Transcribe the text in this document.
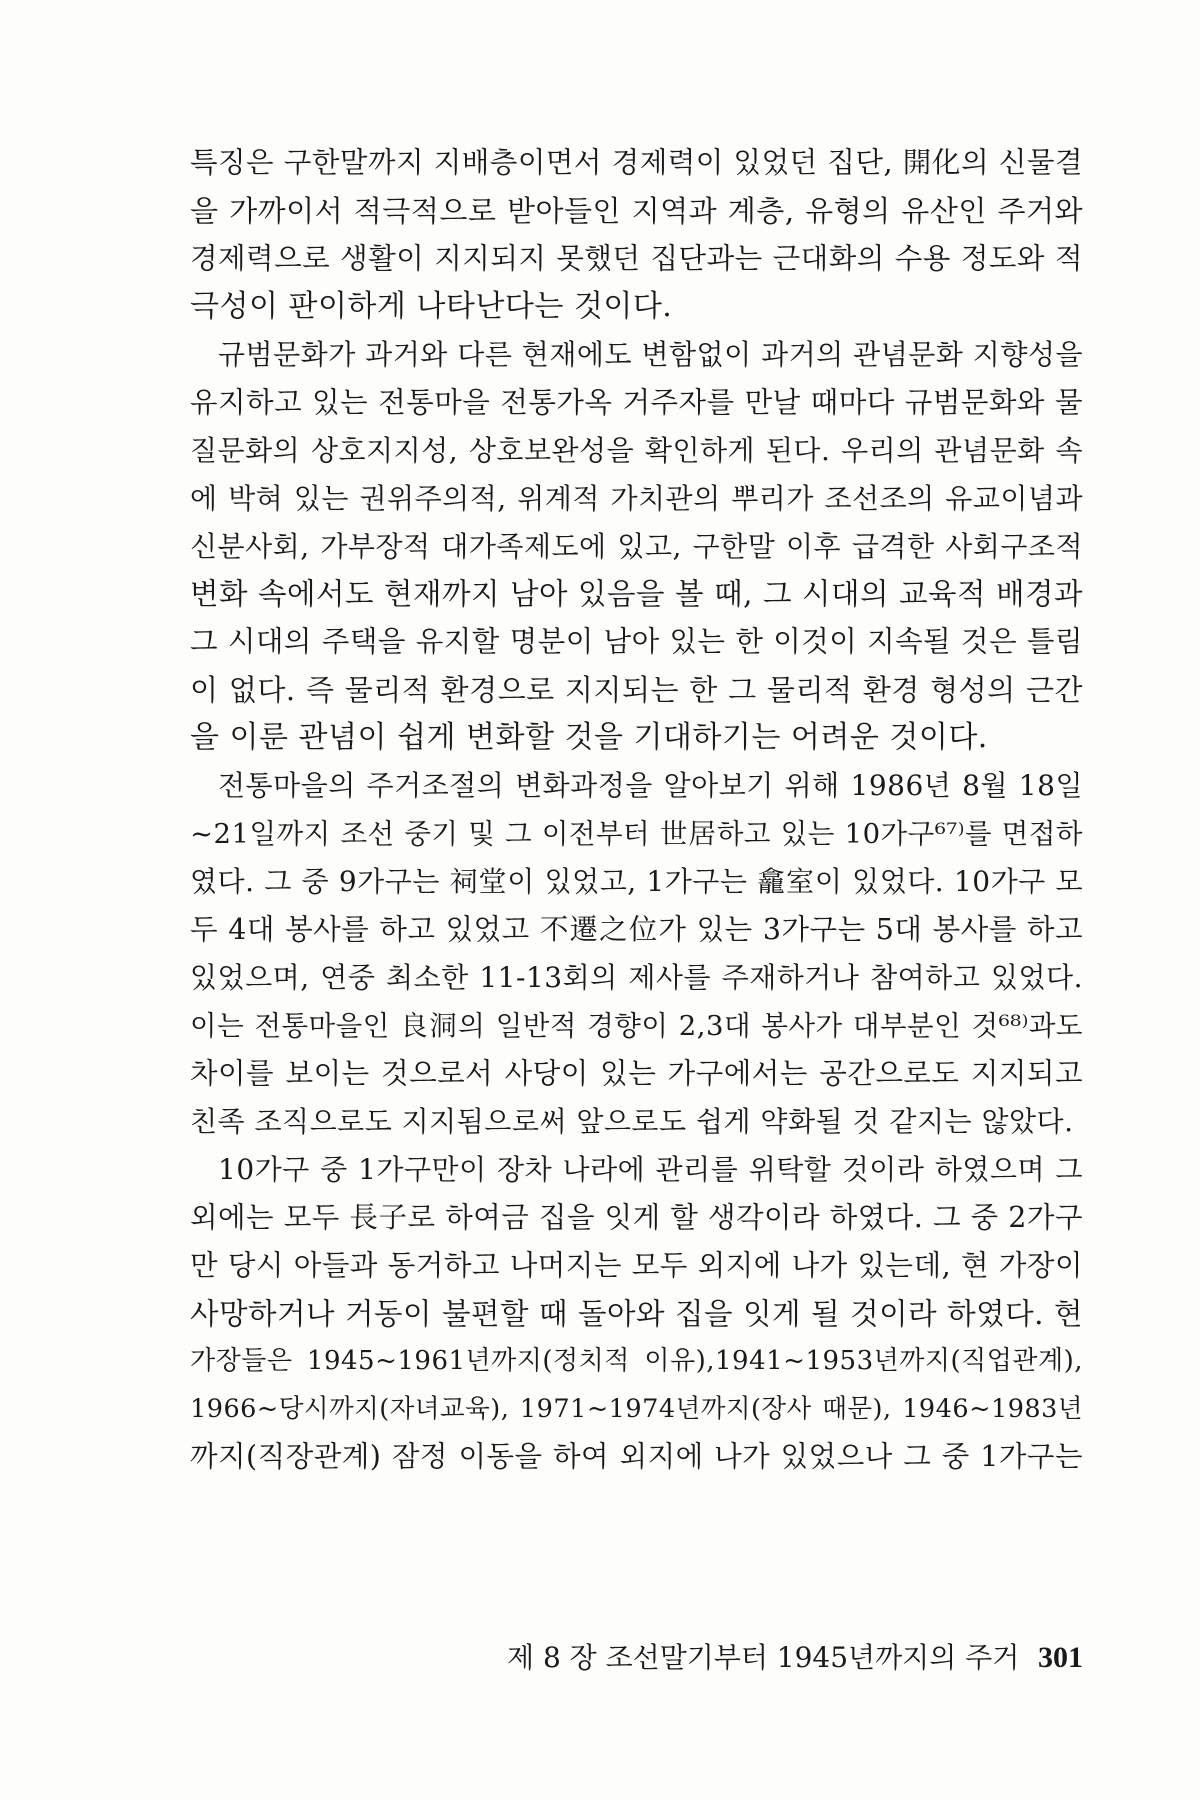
특징은 구한말까지 지배층이면서 경제력이 있었던 집단, 開化의 신물결
을 가까이서 적극적으로 받아들인 지역과 계층, 유형의 유산인 주거와
경제력으로 생활이 지지되지 못했던 집단과는 근대화의 수용 정도와 적
극성이 판이하게 나타난다는 것이다.
규범문화가 과거와 다른 현재에도 변함없이 과거의 관념문화 지향성을
유지하고 있는 전통마을 전통가옥 거주자를 만날 때마다 규범문화와 물
질문화의 상호지지성, 상호보완성을 확인하게 된다. 우리의 관념문화 속
에 박혀 있는 권위주의적, 위계적 가치관의 뿌리가 조선조의 유교이념과
신분사회, 가부장적 대가족제도에 있고, 구한말 이후 급격한 사회구조적
변화 속에서도 현재까지 남아 있음을 볼 때, 그 시대의 교육적 배경과
그 시대의 주택을 유지할 명분이 남아 있는 한 이것이 지속될 것은 틀림
이 없다. 즉 물리적 환경으로 지지되는 한 그 물리적 환경 형성의 근간
을 이룬 관념이 쉽게 변화할 것을 기대하기는 어려운 것이다.
전통마을의 주거조절의 변화과정을 알아보기 위해 1986년 8월 18일
~21일까지 조선 중기 및 그 이전부터 世居하고 있는 10가구⁶⁷⁾를 면접하
였다. 그 중 9가구는 祠堂이 있었고, 1가구는 龕室이 있었다. 10가구 모
두 4대 봉사를 하고 있었고 不遷之位가 있는 3가구는 5대 봉사를 하고
있었으며, 연중 최소한 11-13회의 제사를 주재하거나 참여하고 있었다.
이는 전통마을인 良洞의 일반적 경향이 2,3대 봉사가 대부분인 것⁶⁸⁾과도
차이를 보이는 것으로서 사당이 있는 가구에서는 공간으로도 지지되고
친족 조직으로도 지지됨으로써 앞으로도 쉽게 약화될 것 같지는 않았다.
10가구 중 1가구만이 장차 나라에 관리를 위탁할 것이라 하였으며 그
외에는 모두 長子로 하여금 집을 잇게 할 생각이라 하였다. 그 중 2가구
만 당시 아들과 동거하고 나머지는 모두 외지에 나가 있는데, 현 가장이
사망하거나 거동이 불편할 때 돌아와 집을 잇게 될 것이라 하였다. 현
가장들은 1945~1961년까지(정치적 이유),1941~1953년까지(직업관계),
1966~당시까지(자녀교육), 1971~1974년까지(장사 때문), 1946~1983년
까지(직장관계) 잠정 이동을 하여 외지에 나가 있었으나 그 중 1가구는
제 8 장 조선말기부터 1945년까지의 주거 301
